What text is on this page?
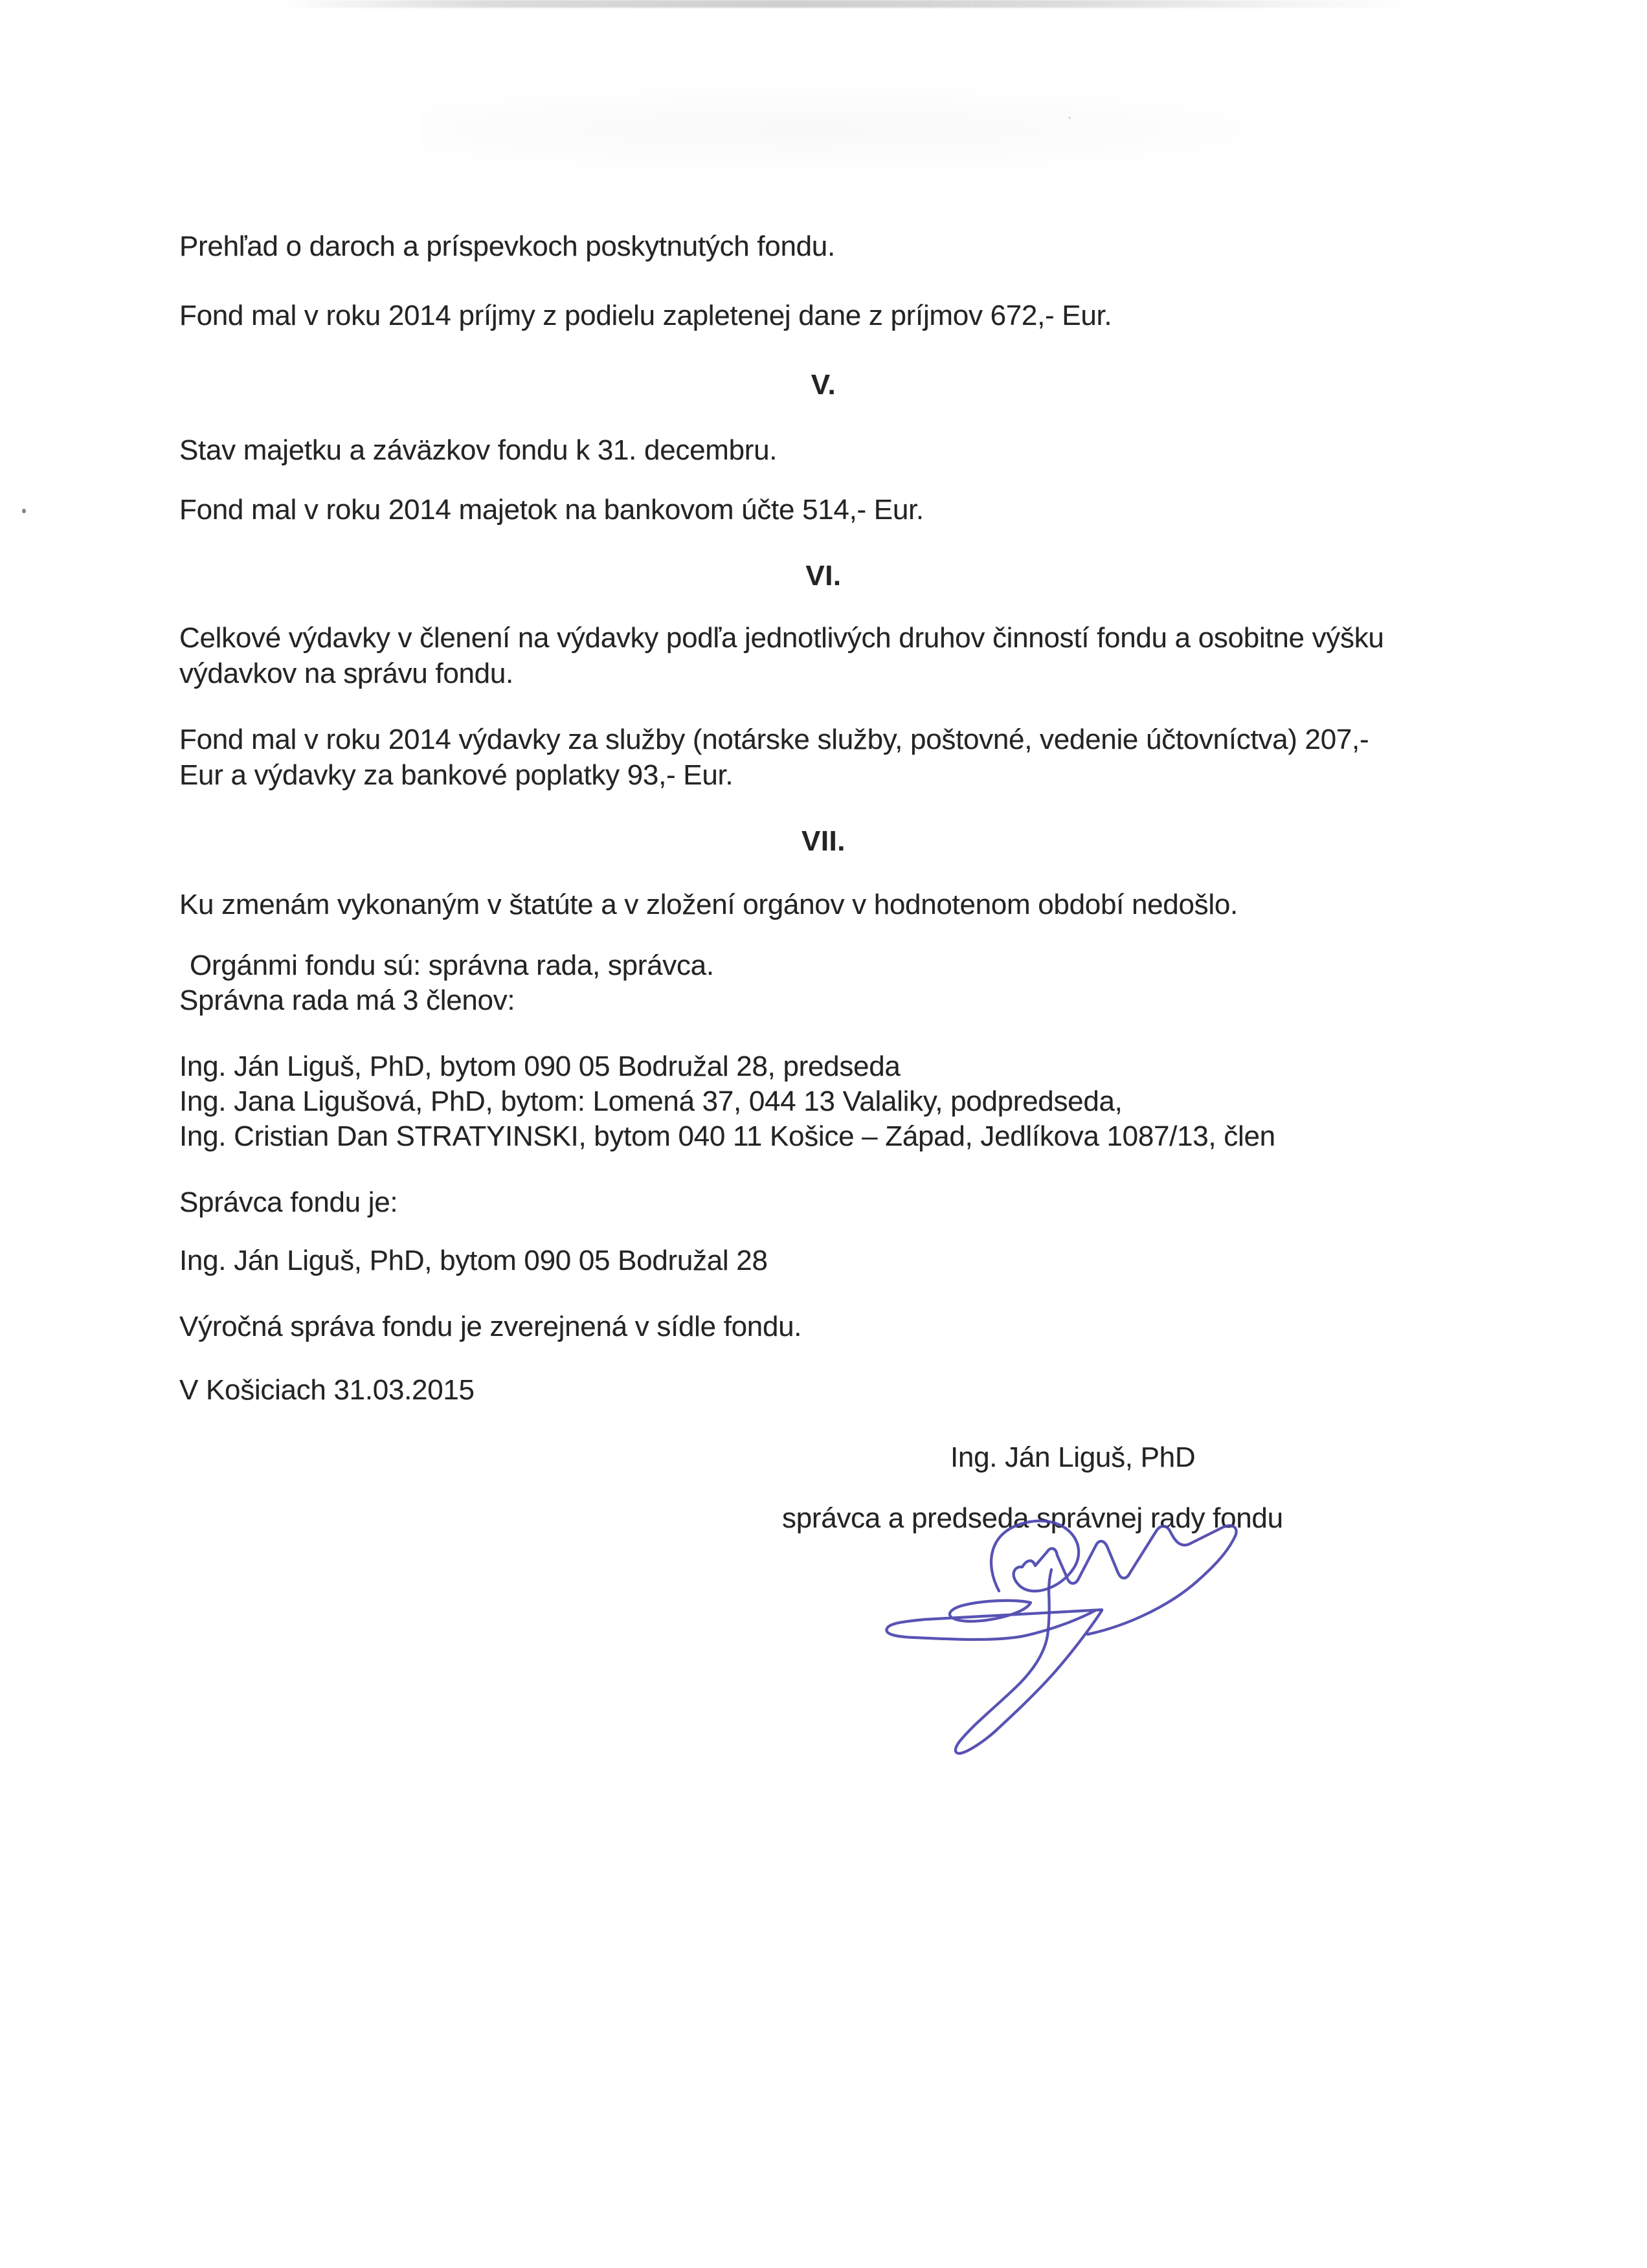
Prehľad o daroch a príspevkoch poskytnutých fondu.
Fond mal v roku 2014 príjmy z podielu zapletenej dane z príjmov 672,- Eur.
V.
Stav majetku a záväzkov fondu k 31. decembru.
Fond mal v roku 2014 majetok na bankovom účte 514,- Eur.
VI.
Celkové výdavky v členení na výdavky podľa jednotlivých druhov činností fondu a osobitne výšku
výdavkov na správu fondu.
Fond mal v roku 2014 výdavky za služby (notárske služby, poštovné, vedenie účtovníctva) 207,-
Eur a výdavky za bankové poplatky 93,- Eur.
VII.
Ku zmenám vykonaným v štatúte a v zložení orgánov v hodnotenom období nedošlo.
Orgánmi fondu sú: správna rada, správca.
Správna rada má 3 členov:
Ing. Ján Liguš, PhD, bytom 090 05 Bodružal 28, predseda
Ing. Jana Ligušová, PhD, bytom: Lomená 37, 044 13 Valaliky, podpredseda,
Ing. Cristian Dan STRATYINSKI, bytom 040 11 Košice – Západ, Jedlíkova 1087/13, člen
Správca fondu je:
Ing. Ján Liguš, PhD, bytom 090 05 Bodružal 28
Výročná správa fondu je zverejnená v sídle fondu.
V Košiciach 31.03.2015
Ing. Ján Liguš, PhD
správca a predseda správnej rady fondu
